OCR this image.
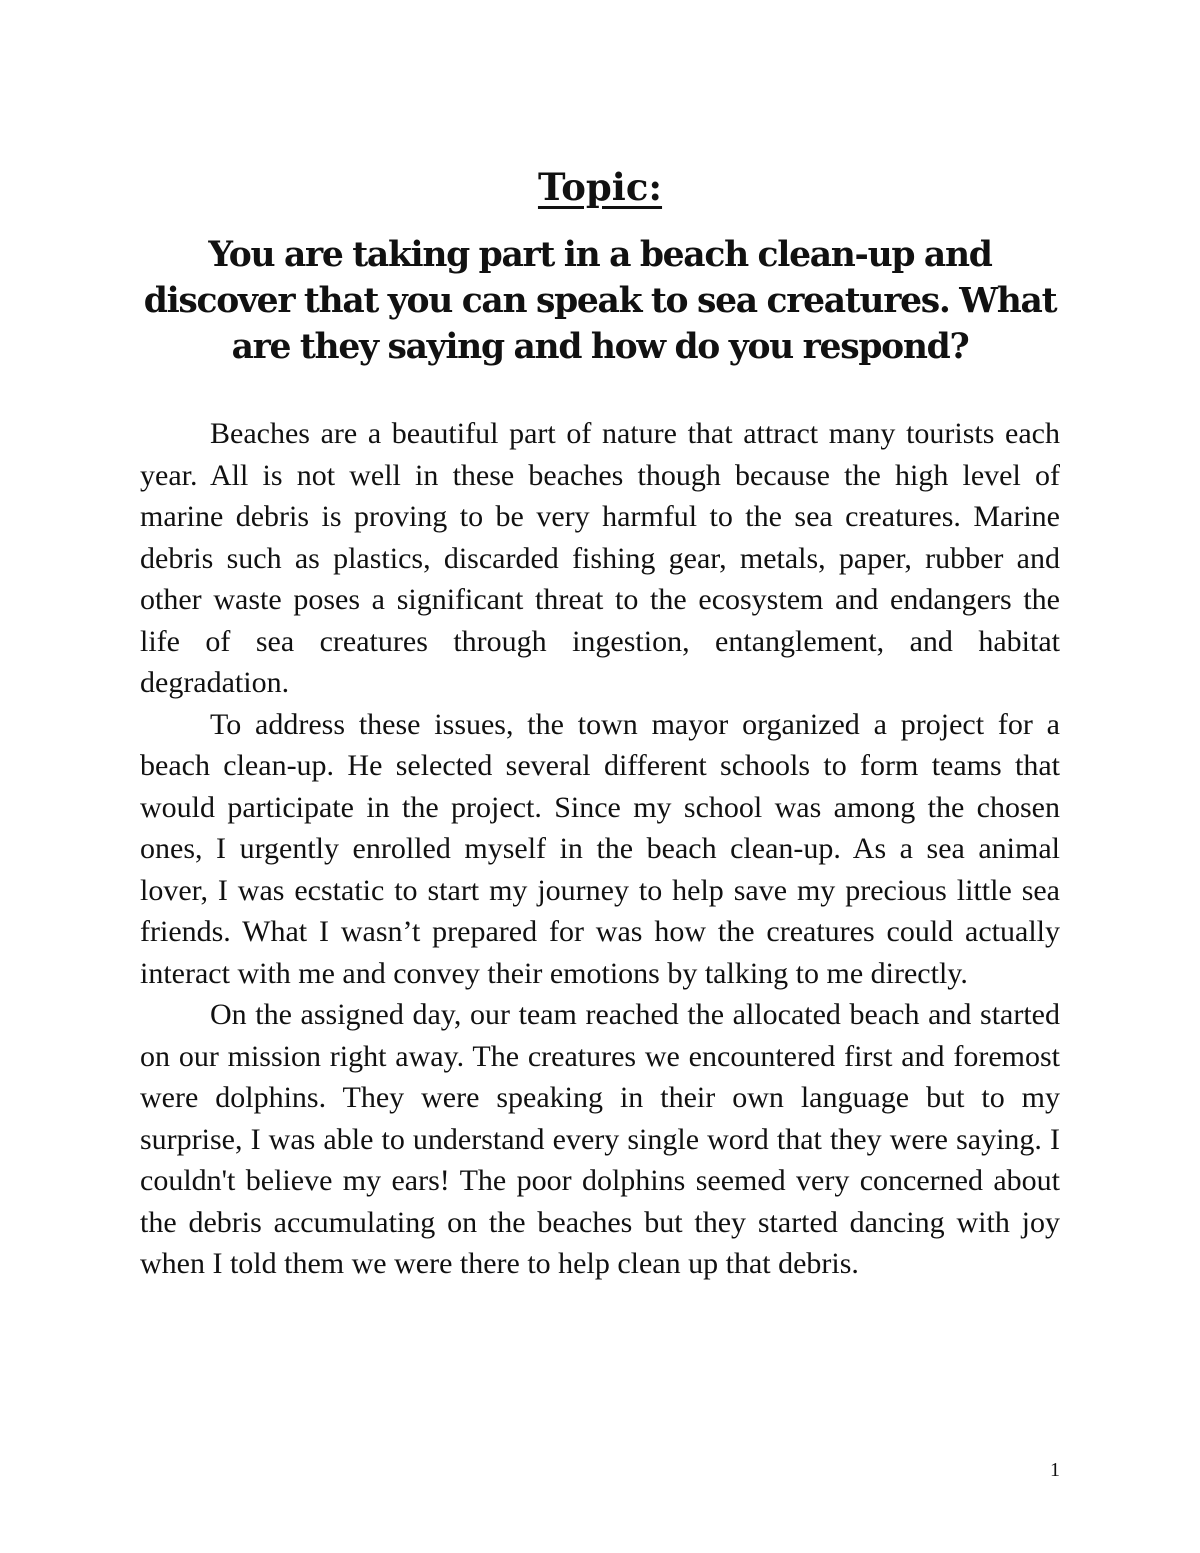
Topic:
You are taking part in a beach clean-up and discover that you can speak to sea creatures. What are they saying and how do you respond?

Beaches are a beautiful part of nature that attract many tourists each year. All is not well in these beaches though because the high level of marine debris is proving to be very harmful to the sea creatures. Marine debris such as plastics, discarded fishing gear, metals, paper, rubber and other waste poses a significant threat to the ecosystem and endangers the life of sea creatures through ingestion, entanglement, and habitat degradation.

To address these issues, the town mayor organized a project for a beach clean-up. He selected several different schools to form teams that would participate in the project. Since my school was among the chosen ones, I urgently enrolled myself in the beach clean-up. As a sea animal lover, I was ecstatic to start my journey to help save my precious little sea friends. What I wasn’t prepared for was how the creatures could actually interact with me and convey their emotions by talking to me directly.

On the assigned day, our team reached the allocated beach and started on our mission right away. The creatures we encountered first and foremost were dolphins. They were speaking in their own language but to my surprise, I was able to understand every single word that they were saying. I couldn't believe my ears! The poor dolphins seemed very concerned about the debris accumulating on the beaches but they started dancing with joy when I told them we were there to help clean up that debris.

1
